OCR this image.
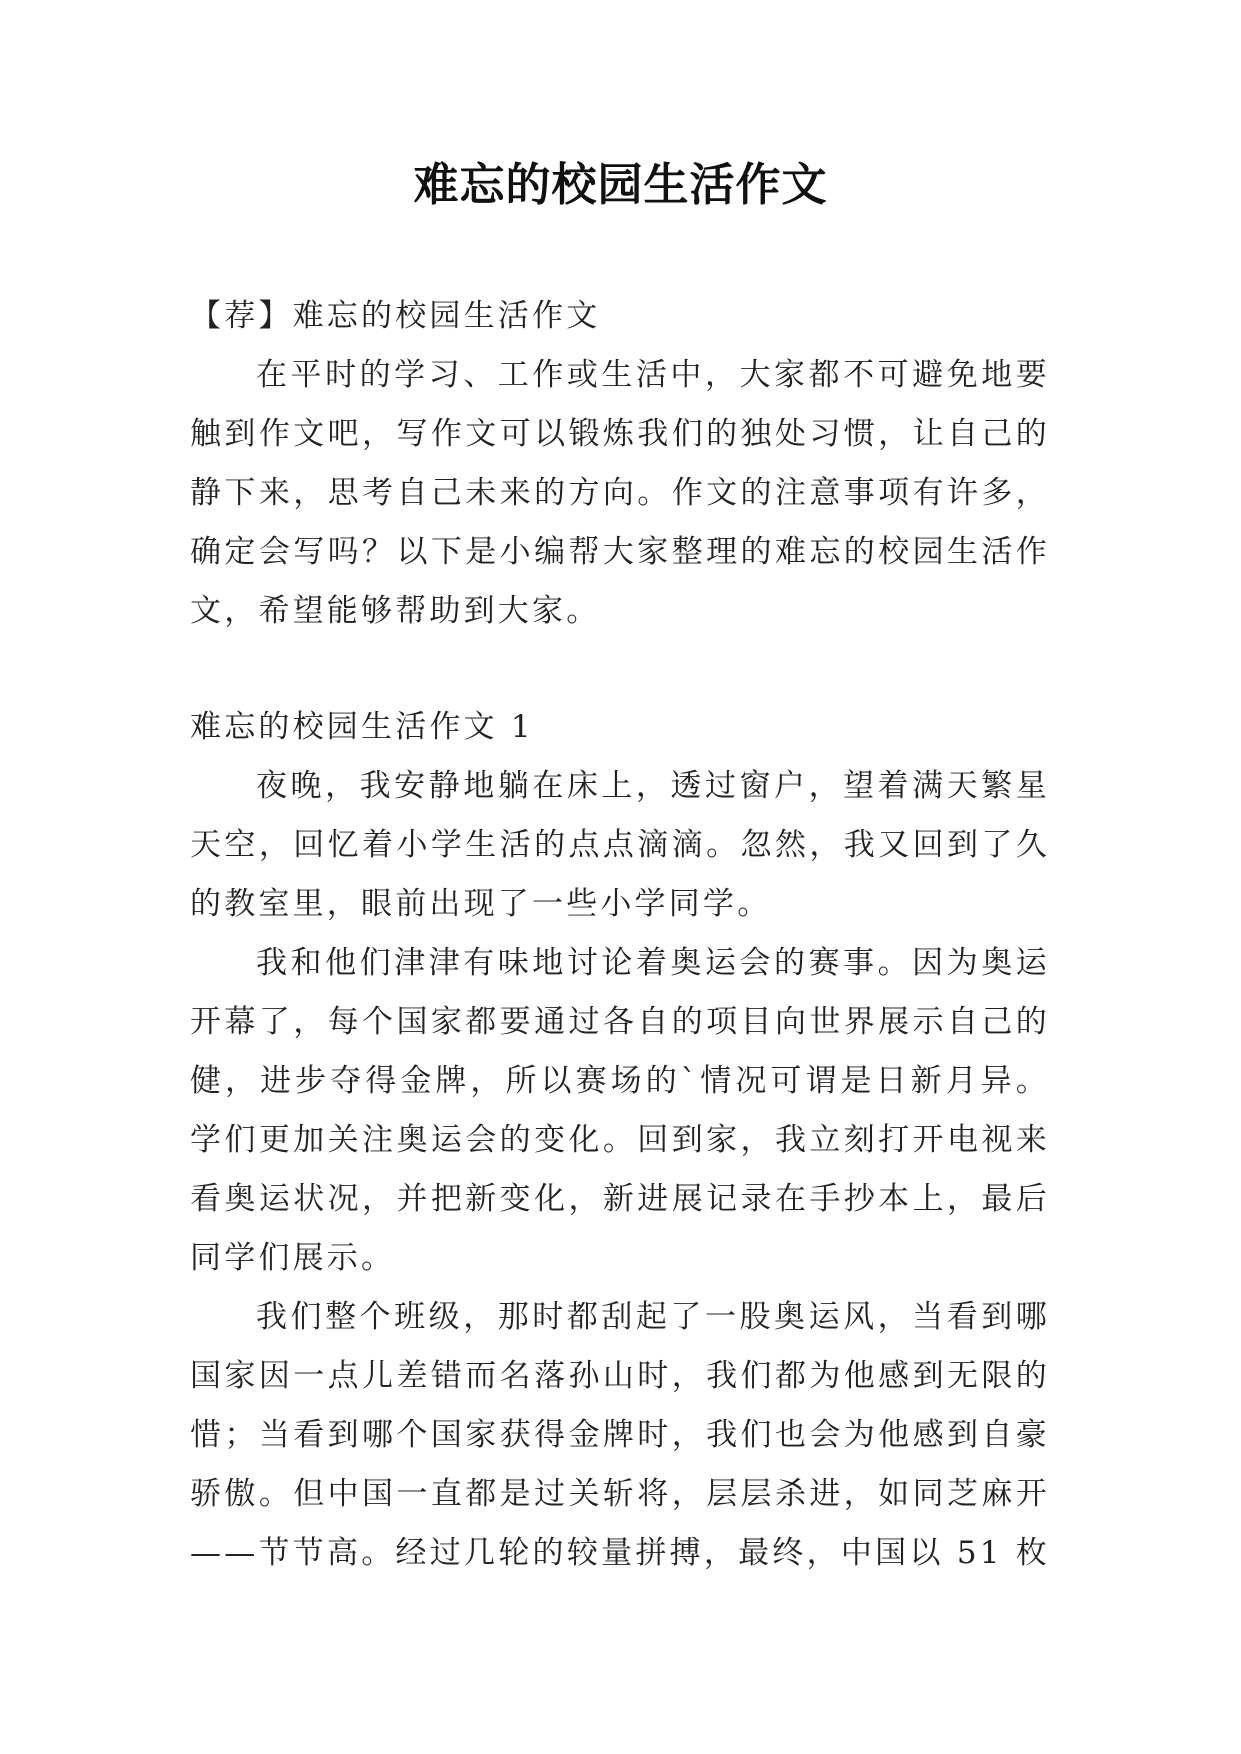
难忘的校园生活作文
【荐】难忘的校园生活作文
在平时的学习、工作或生活中，大家都不可避免地要
触到作文吧，写作文可以锻炼我们的独处习惯，让自己的
静下来，思考自己未来的方向。作文的注意事项有许多，
确定会写吗？以下是小编帮大家整理的难忘的校园生活作
文，希望能够帮助到大家。
难忘的校园生活作文 1
夜晚，我安静地躺在床上，透过窗户，望着满天繁星
天空，回忆着小学生活的点点滴滴。忽然，我又回到了久
的教室里，眼前出现了一些小学同学。
我和他们津津有味地讨论着奥运会的赛事。因为奥运
开幕了，每个国家都要通过各自的项目向世界展示自己的
健，进步夺得金牌，所以赛场的`情况可谓是日新月异。
学们更加关注奥运会的变化。回到家，我立刻打开电视来
看奥运状况，并把新变化，新进展记录在手抄本上，最后
同学们展示。
我们整个班级，那时都刮起了一股奥运风，当看到哪
国家因一点儿差错而名落孙山时，我们都为他感到无限的
惜；当看到哪个国家获得金牌时，我们也会为他感到自豪
骄傲。但中国一直都是过关斩将，层层杀进，如同芝麻开
——节节高。经过几轮的较量拼搏，最终，中国以 51 枚
